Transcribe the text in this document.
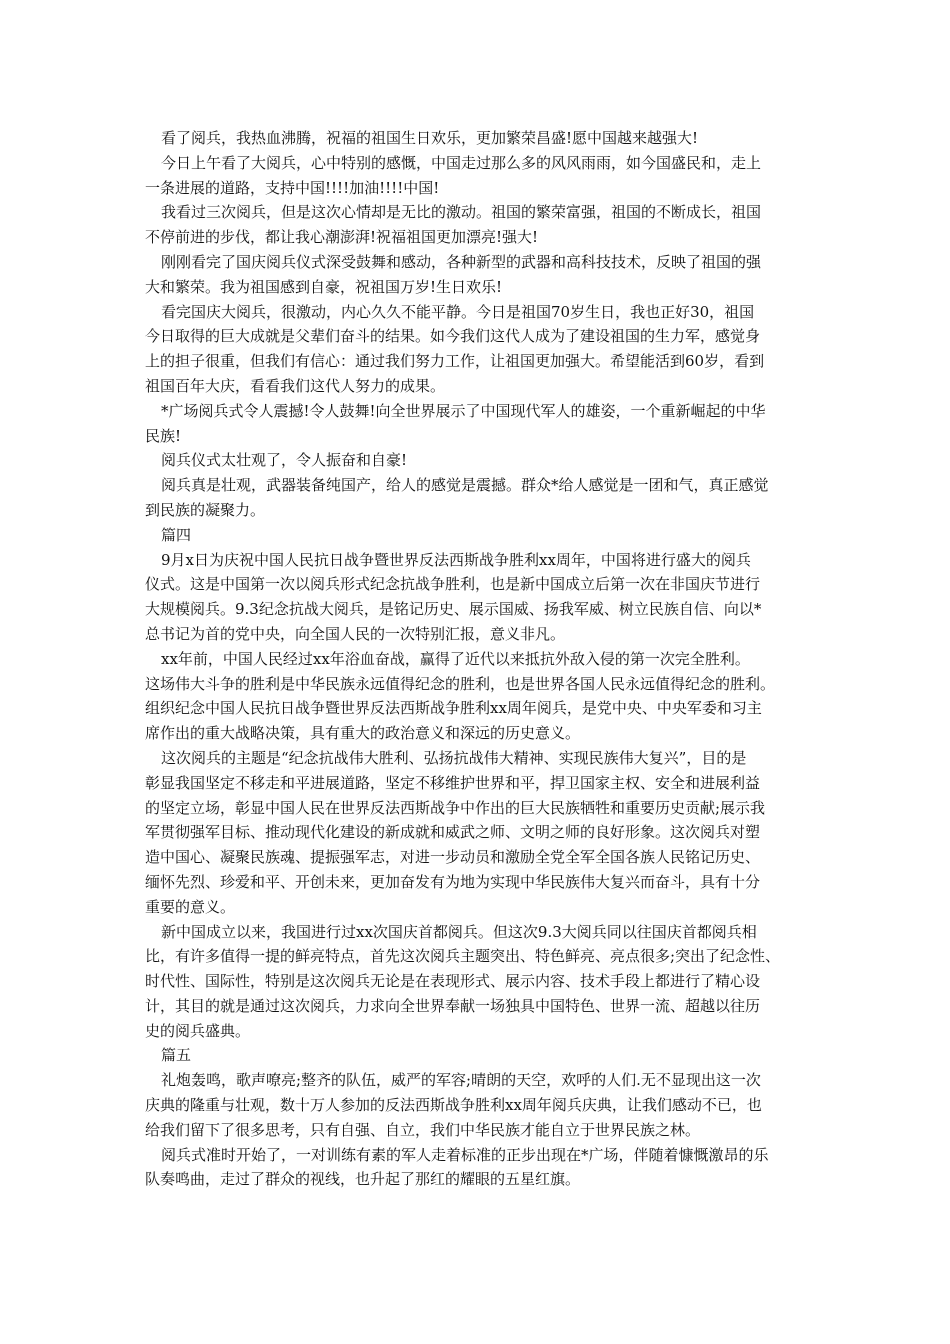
看了阅兵，我热血沸腾，祝福的祖国生日欢乐，更加繁荣昌盛!愿中国越来越强大!
今日上午看了大阅兵，心中特别的感慨，中国走过那么多的风风雨雨，如今国盛民和，走上
一条进展的道路，支持中国!!!!加油!!!!中国!
我看过三次阅兵，但是这次心情却是无比的激动。祖国的繁荣富强，祖国的不断成长，祖国
不停前进的步伐，都让我心潮澎湃!祝福祖国更加漂亮!强大!
刚刚看完了国庆阅兵仪式深受鼓舞和感动，各种新型的武器和高科技技术，反映了祖国的强
大和繁荣。我为祖国感到自豪，祝祖国万岁!生日欢乐!
看完国庆大阅兵，很激动，内心久久不能平静。今日是祖国70岁生日，我也正好30，祖国
今日取得的巨大成就是父辈们奋斗的结果。如今我们这代人成为了建设祖国的生力军，感觉身
上的担子很重，但我们有信心：通过我们努力工作，让祖国更加强大。希望能活到60岁，看到
祖国百年大庆，看看我们这代人努力的成果。
*广场阅兵式令人震撼!令人鼓舞!向全世界展示了中国现代军人的雄姿，一个重新崛起的中华
民族!
阅兵仪式太壮观了，令人振奋和自豪!
阅兵真是壮观，武器装备纯国产，给人的感觉是震撼。群众*给人感觉是一团和气，真正感觉
到民族的凝聚力。
篇四
9月x日为庆祝中国人民抗日战争暨世界反法西斯战争胜利xx周年，中国将进行盛大的阅兵
仪式。这是中国第一次以阅兵形式纪念抗战争胜利，也是新中国成立后第一次在非国庆节进行
大规模阅兵。9.3纪念抗战大阅兵，是铭记历史、展示国威、扬我军威、树立民族自信、向以*
总书记为首的党中央，向全国人民的一次特别汇报，意义非凡。
xx年前，中国人民经过xx年浴血奋战，赢得了近代以来抵抗外敌入侵的第一次完全胜利。
这场伟大斗争的胜利是中华民族永远值得纪念的胜利，也是世界各国人民永远值得纪念的胜利。
组织纪念中国人民抗日战争暨世界反法西斯战争胜利xx周年阅兵，是党中央、中央军委和习主
席作出的重大战略决策，具有重大的政治意义和深远的历史意义。
这次阅兵的主题是“纪念抗战伟大胜利、弘扬抗战伟大精神、实现民族伟大复兴”，目的是
彰显我国坚定不移走和平进展道路，坚定不移维护世界和平，捍卫国家主权、安全和进展利益
的坚定立场，彰显中国人民在世界反法西斯战争中作出的巨大民族牺牲和重要历史贡献;展示我
军贯彻强军目标、推动现代化建设的新成就和威武之师、文明之师的良好形象。这次阅兵对塑
造中国心、凝聚民族魂、提振强军志，对进一步动员和激励全党全军全国各族人民铭记历史、
缅怀先烈、珍爱和平、开创未来，更加奋发有为地为实现中华民族伟大复兴而奋斗，具有十分
重要的意义。
新中国成立以来，我国进行过xx次国庆首都阅兵。但这次9.3大阅兵同以往国庆首都阅兵相
比，有许多值得一提的鲜亮特点，首先这次阅兵主题突出、特色鲜亮、亮点很多;突出了纪念性、
时代性、国际性，特别是这次阅兵无论是在表现形式、展示内容、技术手段上都进行了精心设
计，其目的就是通过这次阅兵，力求向全世界奉献一场独具中国特色、世界一流、超越以往历
史的阅兵盛典。
篇五
礼炮轰鸣，歌声嘹亮;整齐的队伍，威严的军容;晴朗的天空，欢呼的人们.无不显现出这一次
庆典的隆重与壮观，数十万人参加的反法西斯战争胜利xx周年阅兵庆典，让我们感动不已，也
给我们留下了很多思考，只有自强、自立，我们中华民族才能自立于世界民族之林。
阅兵式准时开始了，一对训练有素的军人走着标准的正步出现在*广场，伴随着慷慨激昂的乐
队奏鸣曲，走过了群众的视线，也升起了那红的耀眼的五星红旗。
